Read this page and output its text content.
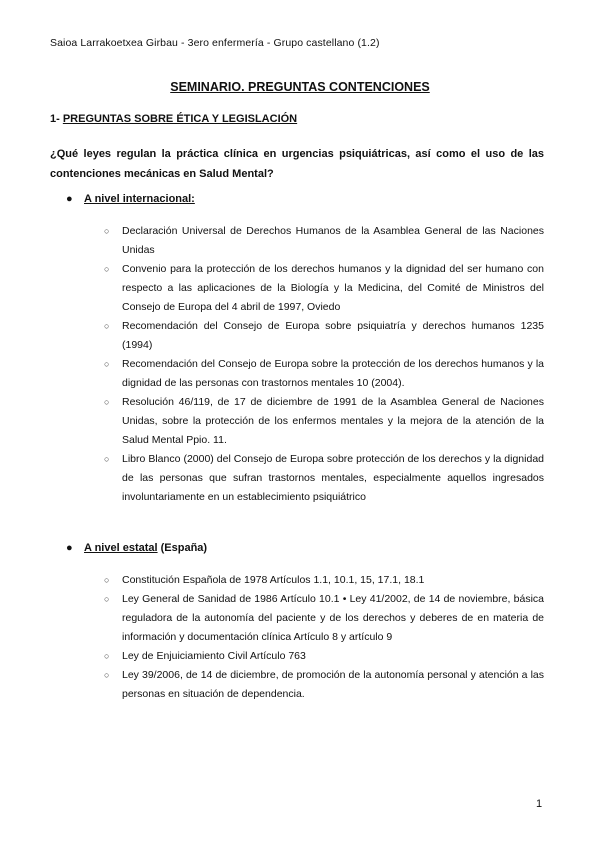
Saioa Larrakoetxea Girbau - 3ero enfermería - Grupo castellano (1.2)
SEMINARIO. PREGUNTAS CONTENCIONES
1- PREGUNTAS SOBRE ÉTICA Y LEGISLACIÓN
¿Qué leyes regulan la práctica clínica en urgencias psiquiátricas, así como el uso de las contenciones mecánicas en Salud Mental?
● A nivel internacional:
○ Declaración Universal de Derechos Humanos de la Asamblea General de las Naciones Unidas
○ Convenio para la protección de los derechos humanos y la dignidad del ser humano con respecto a las aplicaciones de la Biología y la Medicina, del Comité de Ministros del Consejo de Europa del 4 abril de 1997, Oviedo
○ Recomendación del Consejo de Europa sobre psiquiatría y derechos humanos 1235 (1994)
○ Recomendación del Consejo de Europa sobre la protección de los derechos humanos y la dignidad de las personas con trastornos mentales 10 (2004).
○ Resolución 46/119, de 17 de diciembre de 1991 de la Asamblea General de Naciones Unidas, sobre la protección de los enfermos mentales y la mejora de la atención de la Salud Mental Ppio. 11.
○ Libro Blanco (2000) del Consejo de Europa sobre protección de los derechos y la dignidad de las personas que sufran trastornos mentales, especialmente aquellos ingresados involuntariamente en un establecimiento psiquiátrico
● A nivel estatal (España)
○ Constitución Española de 1978 Artículos 1.1, 10.1, 15, 17.1, 18.1
○ Ley General de Sanidad de 1986 Artículo 10.1 • Ley 41/2002, de 14 de noviembre, básica reguladora de la autonomía del paciente y de los derechos y deberes de en materia de información y documentación clínica Artículo 8 y artículo 9
○ Ley de Enjuiciamiento Civil Artículo 763
○ Ley 39/2006, de 14 de diciembre, de promoción de la autonomía personal y atención a las personas en situación de dependencia.
1
